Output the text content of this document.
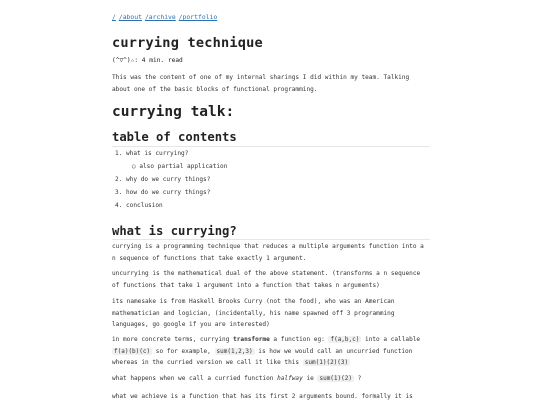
/ /about /archive /portfolio
currying technique
(^▽^)☆: 4 min. read
This was the content of one of my internal sharings I did within my team. Talking about one of the basic blocks of functional programming.
currying talk:
table of contents
1. what is currying?
○ also partial application
2. why do we curry things?
3. how do we curry things?
4. conclusion
what is currying?
currying is a programming technique that reduces a multiple arguments function into a n sequence of functions that take exactly 1 argument.
uncurrying is the mathematical dual of the above statement. (transforms a n sequence of functions that take 1 argument into a function that takes n arguments)
its namesake is from Haskell Brooks Curry (not the food), who was an American mathematician and logician, (incidentally, his name spawned off 3 programming languages, go google if you are interested)
in more concrete terms, currying transforme a function eg: f(a,b,c) into a callable f(a)(b)(c) so for example, sum(1,2,3) is how we would call an uncurried function whereas in the curried version we call it like this sum(1)(2)(3)
what happens when we call a curried function halfway ie sum(1)(2) ?
what we achieve is a function that has its first 2 arguments bound. formally it is
